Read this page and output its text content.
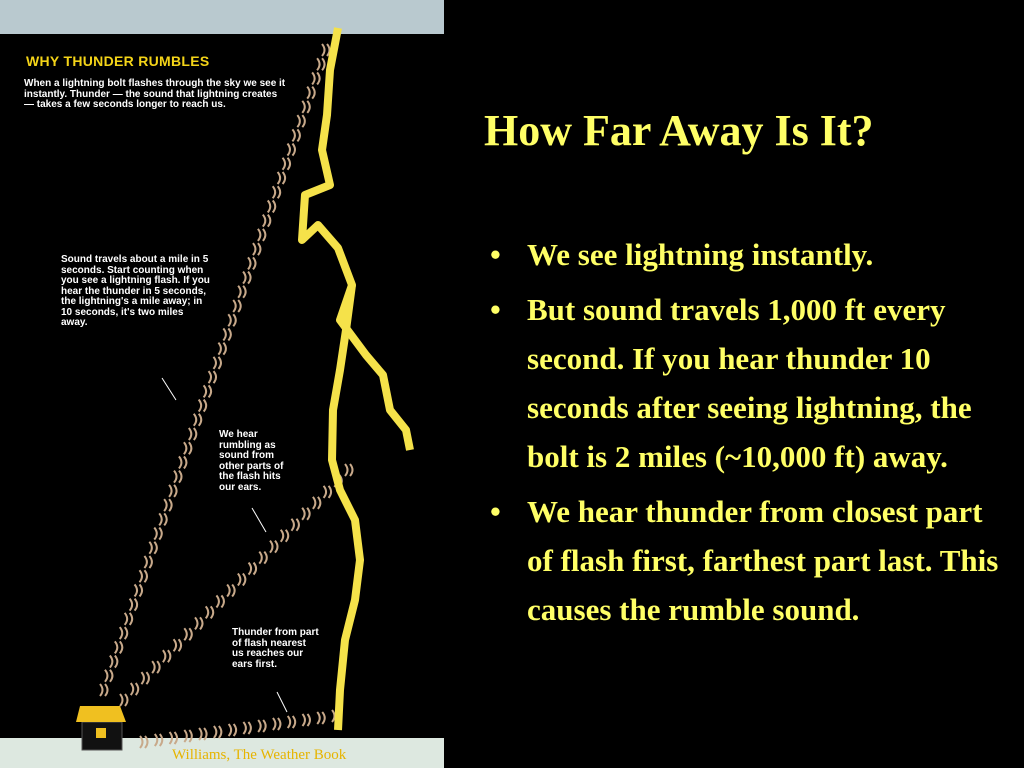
WHY THUNDER RUMBLES
When a lightning bolt flashes through the sky we see it instantly. Thunder — the sound that lightning creates — takes a few seconds longer to reach us.
Sound travels about a mile in 5 seconds. Start counting when you see a lightning flash. If you hear the thunder in 5 seconds, the lightning's a mile away; in 10 seconds, it's two miles away.
We hear rumbling as sound from other parts of the flash hits our ears.
Thunder from part of flash nearest us reaches our ears first.
Williams, The Weather Book
How Far Away Is It?
• We see lightning instantly.
• But sound travels 1,000 ft every second. If you hear thunder 10 seconds after seeing lightning, the bolt is 2 miles (~10,000 ft) away.
• We hear thunder from closest part of flash first, farthest part last. This causes the rumble sound.
